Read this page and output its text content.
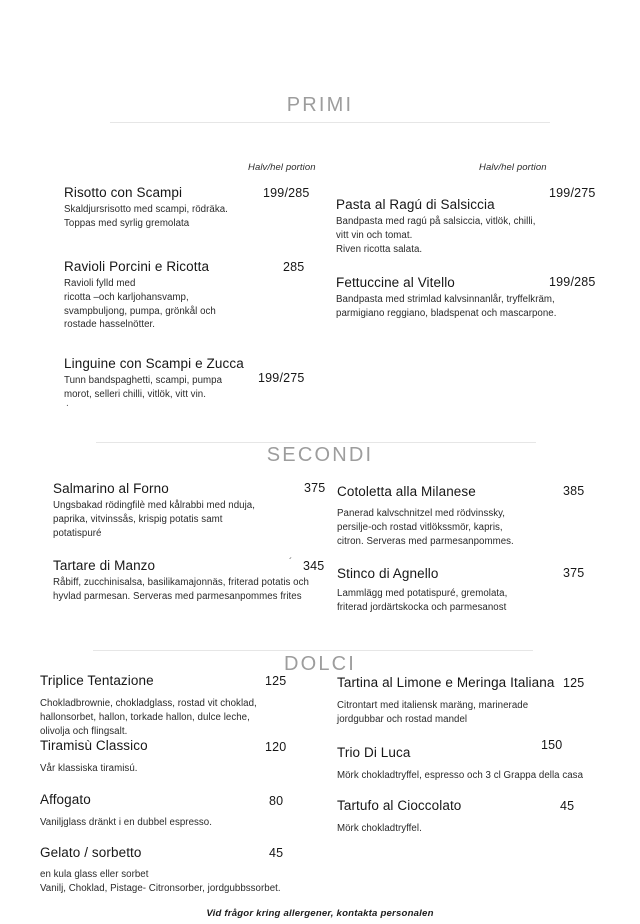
PRIMI
Halv/hel portion	Halv/hel portion
Risotto con Scampi
Skaldjursrisotto med scampi, rödräka.
Toppas med syrlig gremolata
199/285
Ravioli Porcini e Ricotta
Ravioli fylld med
ricotta –och karljohansvamp,
svampbuljong, pumpa, grönkål och
rostade hasselnötter.
285
Linguine con Scampi e Zucca
Tunn bandspaghetti, scampi, pumpa
morot, selleri chilli, vitlök, vitt vin.
.
199/275
Pasta al Ragú di Salsiccia
Bandpasta med ragú på salsiccia, vitlök, chilli,
vitt vin och tomat.
Riven ricotta salata.
199/275
Fettuccine al Vitello
Bandpasta med strimlad kalvsinnanlår, tryffelkräm,
parmigiano reggiano, bladspenat och mascarpone.
199/285
SECONDI
Salmarino al Forno
Ungsbakad rödingfilè med kålrabbi med nduja,
paprika, vitvinssås, krispig potatis samt
potatispuré
375
Tartare di Manzo
Råbiff, zucchinisalsa, basilikamajonnäs, friterad potatis och
hyvlad parmesan. Serveras med parmesanpommes frites
´ 345
Cotoletta alla Milanese
Panerad kalvschnitzel med rödvinssky,
persilje-och rostad vitlökssmör, kapris,
citron. Serveras med parmesanpommes.
385
Stinco di Agnello
Lammlägg med potatispuré, gremolata,
friterad jordärtskocka och parmesanost
375
DOLCI
Triplice Tentazione
Chokladbrownie, chokladglass, rostad vit choklad,
hallonsorbet, hallon, torkade hallon, dulce leche,
olivolja och flingsalt.
125
Tiramisù Classico
Vår klassiska tiramisú.
120
Affogato
Vaniljglass dränkt i en dubbel espresso.
80
Gelato / sorbetto
en kula glass eller sorbet
Vanilj, Choklad, Pistage- Citronsorber, jordgubbssorbet.
45
Tartina al Limone e Meringa Italiana
Citrontart med italiensk maräng, marinerade
jordgubbar och rostad mandel
125
Trio Di Luca
Mörk chokladtryffel, espresso och 3 cl Grappa della casa
150
Tartufo al Cioccolato
Mörk chokladtryffel.
45
Vid frågor kring allergener, kontakta personalen
